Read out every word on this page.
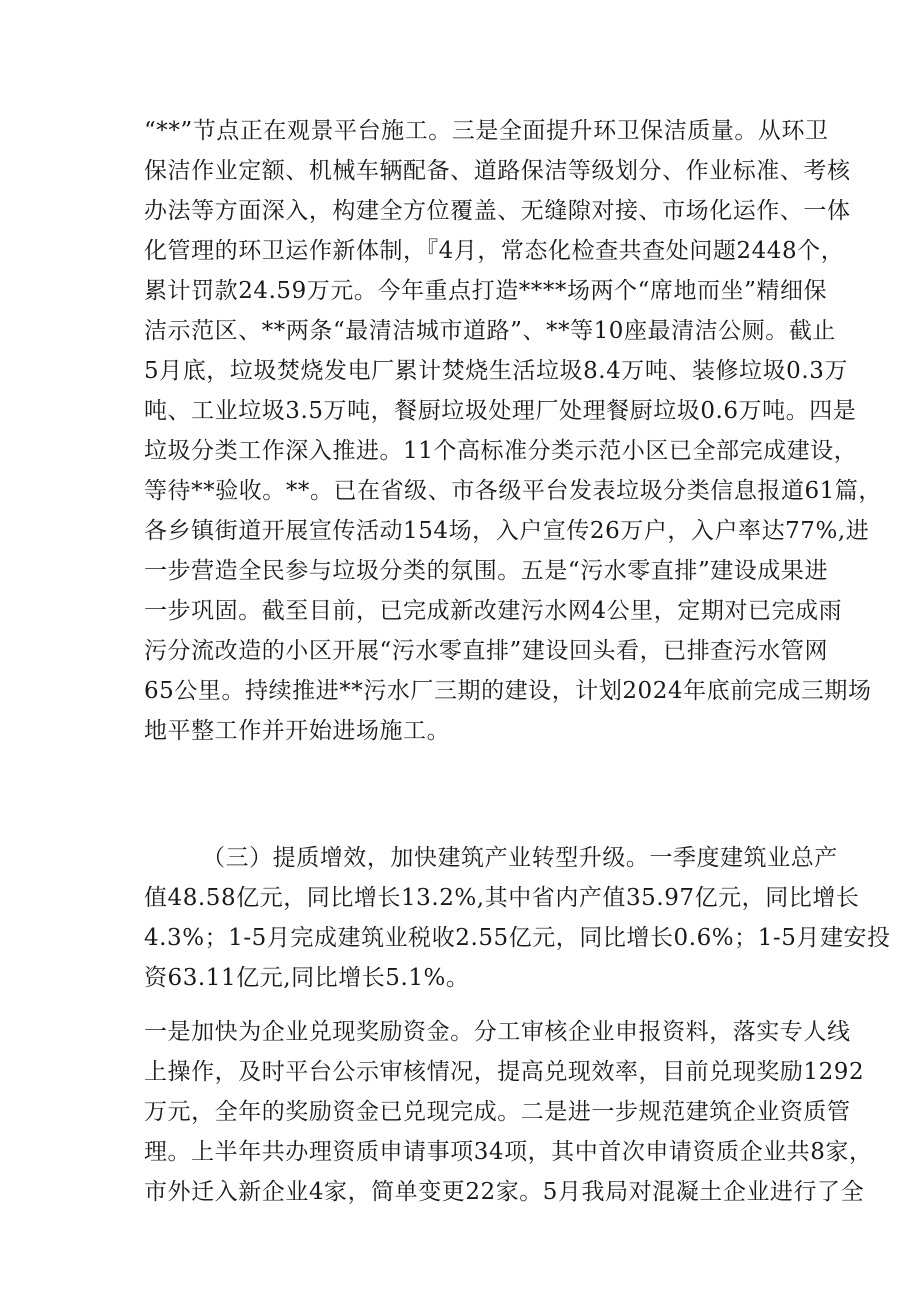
“**”节点正在观景平台施工。三是全面提升环卫保洁质量。从环卫
保洁作业定额、机械车辆配备、道路保洁等级划分、作业标准、考核
办法等方面深入，构建全方位覆盖、无缝隙对接、市场化运作、一体
化管理的环卫运作新体制，『4月，常态化检查共查处问题2448个，
累计罚款24.59万元。今年重点打造****场两个“席地而坐”精细保
洁示范区、**两条“最清洁城市道路”、**等10座最清洁公厕。截止
5月底，垃圾焚烧发电厂累计焚烧生活垃圾8.4万吨、装修垃圾0.3万
吨、工业垃圾3.5万吨，餐厨垃圾处理厂处理餐厨垃圾0.6万吨。四是
垃圾分类工作深入推进。11个高标准分类示范小区已全部完成建设，
等待**验收。**。已在省级、市各级平台发表垃圾分类信息报道61篇，
各乡镇街道开展宣传活动154场，入户宣传26万户，入户率达77%,进
一步营造全民参与垃圾分类的氛围。五是“污水零直排”建设成果进
一步巩固。截至目前，已完成新改建污水网4公里，定期对已完成雨
污分流改造的小区开展“污水零直排”建设回头看，已排查污水管网
65公里。持续推进**污水厂三期的建设，计划2024年底前完成三期场
地平整工作并开始进场施工。
（三）提质增效，加快建筑产业转型升级。一季度建筑业总产
值48.58亿元，同比增长13.2%,其中省内产值35.97亿元，同比增长
4.3%；1-5月完成建筑业税收2.55亿元，同比增长0.6%；1-5月建安投
资63.11亿元,同比增长5.1%。
一是加快为企业兑现奖励资金。分工审核企业申报资料，落实专人线
上操作，及时平台公示审核情况，提高兑现效率，目前兑现奖励1292
万元，全年的奖励资金已兑现完成。二是进一步规范建筑企业资质管
理。上半年共办理资质申请事项34项，其中首次申请资质企业共8家，
市外迁入新企业4家，简单变更22家。5月我局对混凝土企业进行了全
